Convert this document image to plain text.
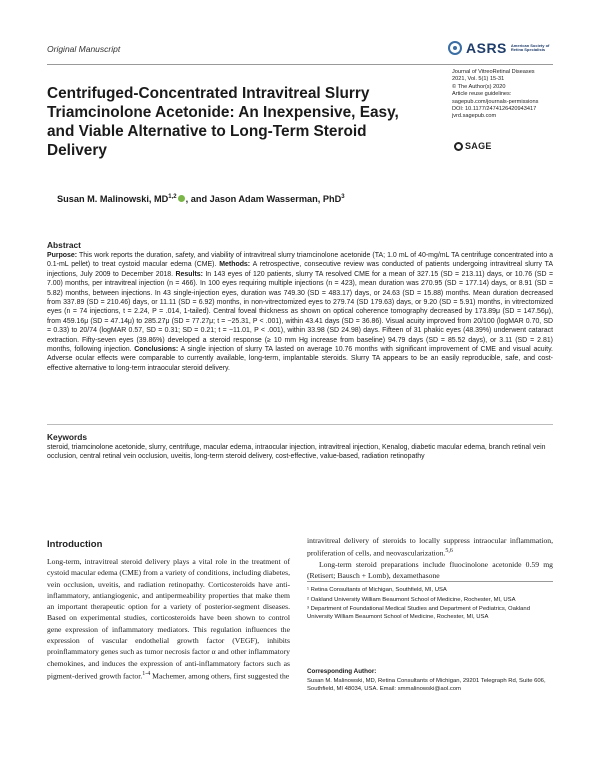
Original Manuscript	ASRS American Society of Retina Specialists
Centrifuged-Concentrated Intravitreal Slurry Triamcinolone Acetonide: An Inexpensive, Easy, and Viable Alternative to Long-Term Steroid Delivery
Journal of VitreoRetinal Diseases
2021, Vol. 5(1) 15-31
© The Author(s) 2020
Article reuse guidelines:
sagepub.com/journals-permissions
DOI: 10.1177/2474126420943417
jvrd.sagepub.com
SAGE
Susan M. Malinowski, MD$^{1,2}$ , and Jason Adam Wasserman, PhD$^3$
Abstract
Purpose: This work reports the duration, safety, and viability of intravitreal slurry triamcinolone acetonide (TA; 1.0 mL of 40-mg/mL TA centrifuge concentrated into a 0.1-mL pellet) to treat cystoid macular edema (CME). Methods: A retrospective, consecutive review was conducted of patients undergoing intravitreal slurry TA injections, July 2009 to December 2018. Results: In 143 eyes of 120 patients, slurry TA resolved CME for a mean of 327.15 (SD = 213.11) days, or 10.76 (SD = 7.00) months, per intravitreal injection (n = 466). In 100 eyes requiring multiple injections (n = 423), mean duration was 270.95 (SD = 177.14) days, or 8.91 (SD = 5.82) months, between injections. In 43 single-injection eyes, duration was 749.30 (SD = 483.17) days, or 24.63 (SD = 15.88) months. Mean duration decreased from 337.89 (SD = 210.46) days, or 11.11 (SD = 6.92) months, in non-vitrectomized eyes to 279.74 (SD 179.63) days, or 9.20 (SD = 5.91) months, in vitrectomized eyes (n = 74 injections, t = 2.24, P = .014, 1-tailed). Central foveal thickness as shown on optical coherence tomography decreased by 173.89μ (SD = 147.56μ), from 459.16μ (SD = 47.14μ) to 285.27μ (SD = 77.27μ; t = −25.31, P < .001), within 43.41 days (SD = 36.86). Visual acuity improved from 20/100 (logMAR 0.70, SD = 0.33) to 20/74 (logMAR 0.57, SD = 0.31; SD = 0.21; t = −11.01, P < .001), within 33.98 (SD 24.98) days. Fifteen of 31 phakic eyes (48.39%) underwent cataract extraction. Fifty-seven eyes (39.86%) developed a steroid response (≥ 10 mm Hg increase from baseline) 94.79 days (SD = 85.52 days), or 3.11 (SD = 2.81) months, following injection. Conclusions: A single injection of slurry TA lasted on average 10.76 months with significant improvement of CME and visual acuity. Adverse ocular effects were comparable to currently available, long-term, implantable steroids. Slurry TA appears to be an easily reproducible, safe, and cost-effective alternative to long-term intraocular steroid delivery.
Keywords
steroid, triamcinolone acetonide, slurry, centrifuge, macular edema, intraocular injection, intravitreal injection, Kenalog, diabetic macular edema, branch retinal vein occlusion, central retinal vein occlusion, uveitis, long-term steroid delivery, cost-effective, value-based, radiation retinopathy
Introduction
Long-term, intravitreal steroid delivery plays a vital role in the treatment of cystoid macular edema (CME) from a variety of conditions, including diabetes, vein occlusion, uveitis, and radiation retinopathy. Corticosteroids have anti-inflammatory, antiangiogenic, and antipermeability properties that make them an important therapeutic option for a variety of posterior-segment diseases. Based on experimental studies, corticosteroids have been shown to control gene expression of inflammatory mediators. This regulation influences the expression of vascular endothelial growth factor (VEGF), inhibits proinflammatory genes such as tumor necrosis factor α and other inflammatory chemokines, and induces the expression of anti-inflammatory factors such as pigment-derived growth factor.$^{1-4}$ Machemer, among others, first suggested the
intravitreal delivery of steroids to locally suppress intraocular inflammation, proliferation of cells, and neovascularization.$^{5,6}$
Long-term steroid preparations include fluocinolone acetonide 0.59 mg (Retisert; Bausch + Lomb), dexamethasone
¹ Retina Consultants of Michigan, Southfield, MI, USA
² Oakland University William Beaumont School of Medicine, Rochester, MI, USA
³ Department of Foundational Medical Studies and Department of Pediatrics, Oakland University William Beaumont School of Medicine, Rochester, MI, USA
Corresponding Author:
Susan M. Malinowski, MD, Retina Consultants of Michigan, 29201 Telegraph Rd, Suite 606, Southfield, MI 48034, USA. Email: smmalinowski@aol.com
